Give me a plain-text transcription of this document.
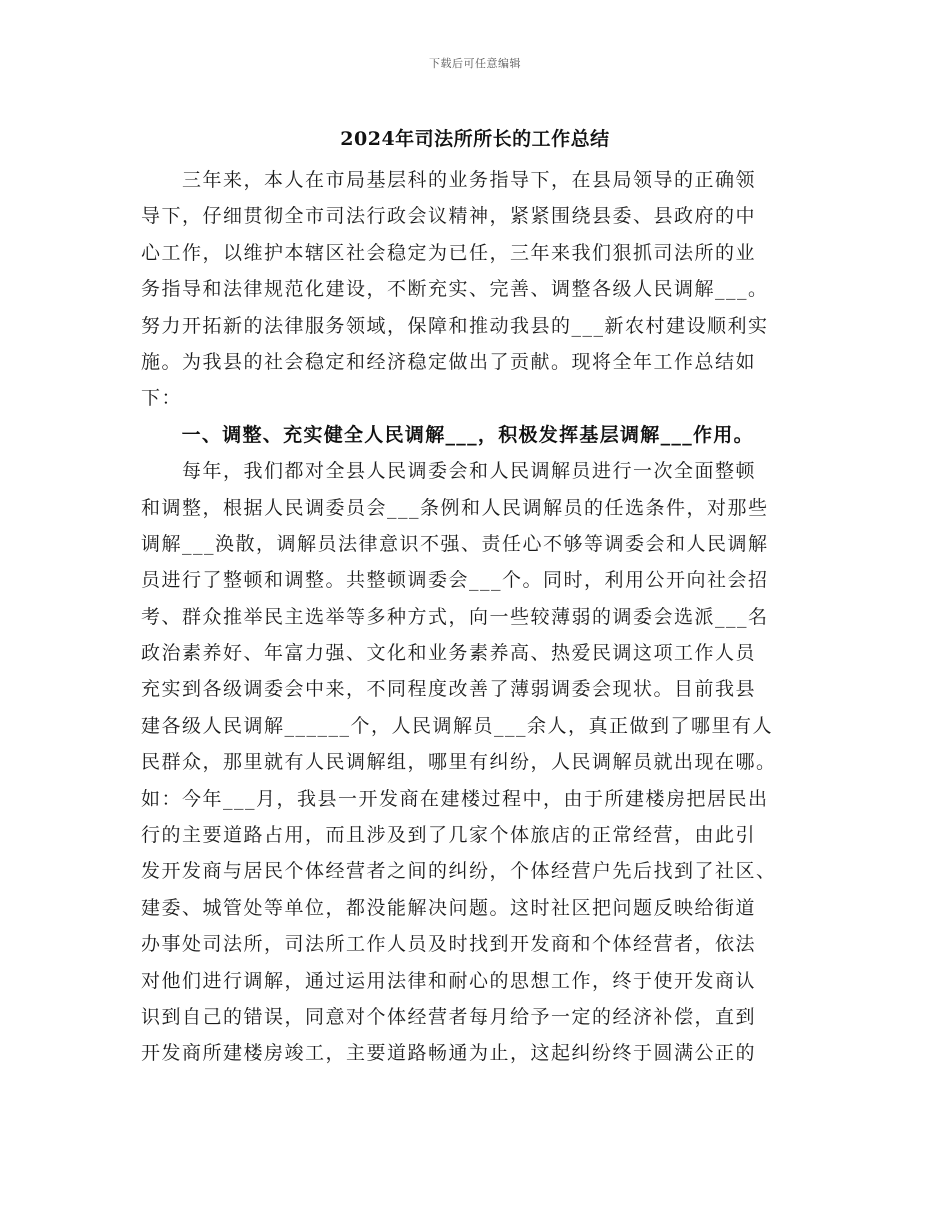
下载后可任意编辑
2024年司法所所长的工作总结
　　三年来，本人在市局基层科的业务指导下，在县局领导的正确领
导下，仔细贯彻全市司法行政会议精神，紧紧围绕县委、县政府的中
心工作，以维护本辖区社会稳定为已任，三年来我们狠抓司法所的业
务指导和法律规范化建设，不断充实、完善、调整各级人民调解___。
努力开拓新的法律服务领域，保障和推动我县的___新农村建设顺利实
施。为我县的社会稳定和经济稳定做出了贡献。现将全年工作总结如
下：
　　一、调整、充实健全人民调解___，积极发挥基层调解___作用。
　　每年，我们都对全县人民调委会和人民调解员进行一次全面整顿
和调整，根据人民调委员会___条例和人民调解员的任选条件，对那些
调解___涣散，调解员法律意识不强、责任心不够等调委会和人民调解
员进行了整顿和调整。共整顿调委会___个。同时，利用公开向社会招
考、群众推举民主选举等多种方式，向一些较薄弱的调委会选派___名
政治素养好、年富力强、文化和业务素养高、热爱民调这项工作人员
充实到各级调委会中来，不同程度改善了薄弱调委会现状。目前我县
建各级人民调解______个，人民调解员___余人，真正做到了哪里有人
民群众，那里就有人民调解组，哪里有纠纷，人民调解员就出现在哪。
如：今年___月，我县一开发商在建楼过程中，由于所建楼房把居民出
行的主要道路占用，而且涉及到了几家个体旅店的正常经营，由此引
发开发商与居民个体经营者之间的纠纷，个体经营户先后找到了社区、
建委、城管处等单位，都没能解决问题。这时社区把问题反映给街道
办事处司法所，司法所工作人员及时找到开发商和个体经营者，依法
对他们进行调解，通过运用法律和耐心的思想工作，终于使开发商认
识到自己的错误，同意对个体经营者每月给予一定的经济补偿，直到
开发商所建楼房竣工，主要道路畅通为止，这起纠纷终于圆满公正的
